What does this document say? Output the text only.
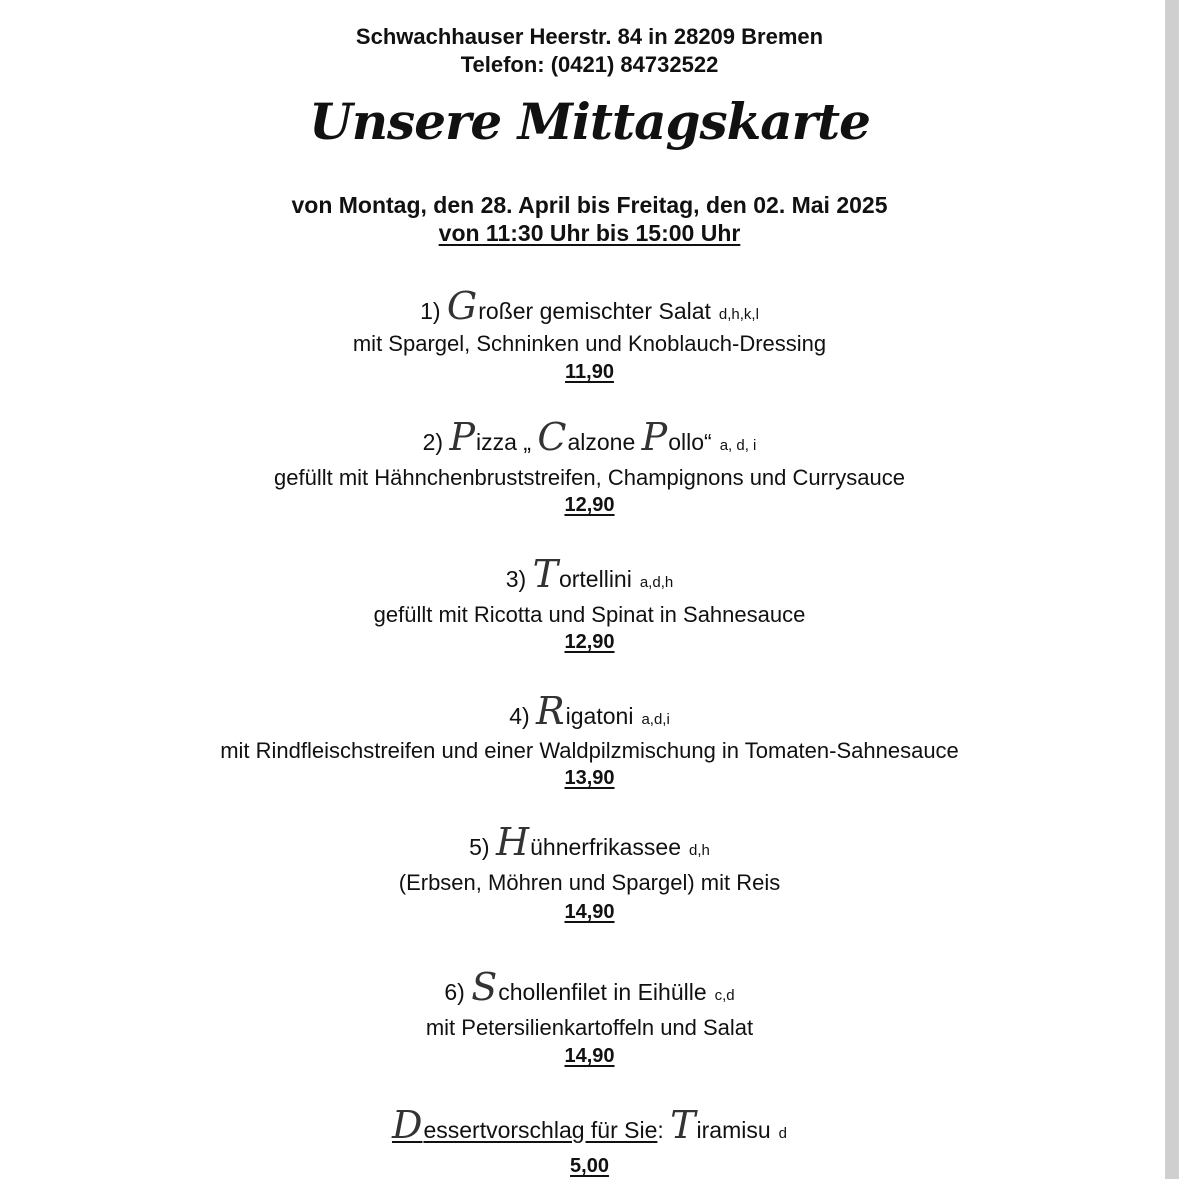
Schwachhauser Heerstr. 84 in 28209 Bremen
Telefon: (0421) 84732522
Unsere Mittagskarte
von Montag, den 28. April bis Freitag, den 02. Mai 2025
von 11:30 Uhr bis 15:00 Uhr
1) Großer gemischter Salat d,h,k,l
mit Spargel, Schninken und Knoblauch-Dressing
11,90
2) Pizza „ Calzone Pollo“ a, d, i
gefüllt mit Hähnchenbruststreifen, Champignons und Currysauce
12,90
3) Tortellini a,d,h
gefüllt mit Ricotta und Spinat in Sahnesauce
12,90
4) Rigatoni a,d,i
mit Rindfleischstreifen und einer Waldpilzmischung in Tomaten-Sahnesauce
13,90
5) Hühnerfrikassee d,h
(Erbsen, Möhren und Spargel) mit Reis
14,90
6) Schollenfilet in Eihülle c,d
mit Petersilienkartoffeln und Salat
14,90
Dessertvorschlag für Sie: Tiramisu d
5,00
